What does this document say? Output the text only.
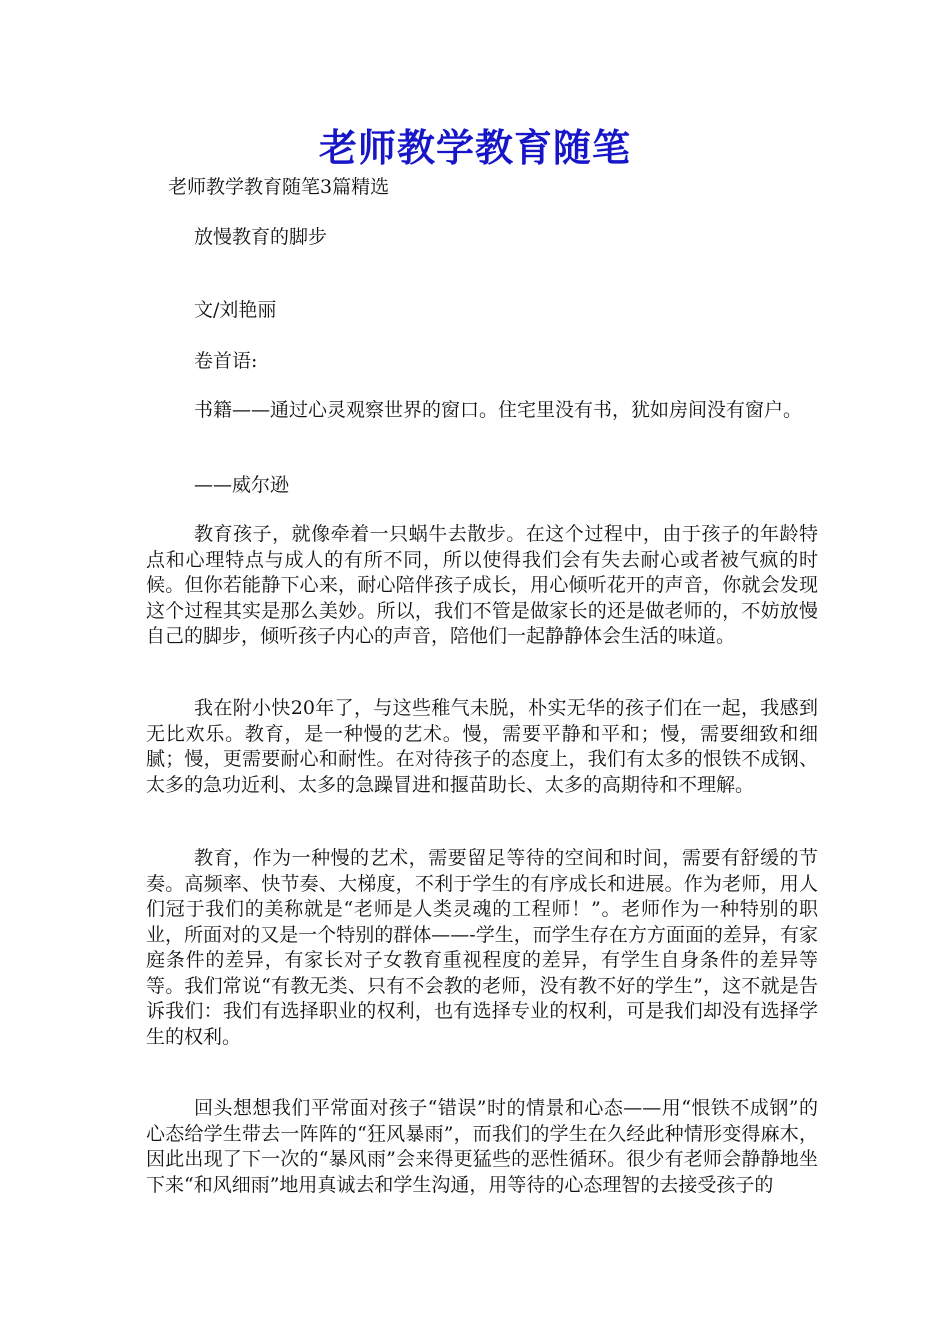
老师教学教育随笔
老师教学教育随笔3篇精选
放慢教育的脚步
文/刘艳丽
卷首语:

书籍——通过心灵观察世界的窗口。住宅里没有书，犹如房间没有窗户。

——威尔逊

教育孩子，就像牵着一只蜗牛去散步。在这个过程中，由于孩子的年龄特点和心理特点与成人的有所不同，所以使得我们会有失去耐心或者被气疯的时候。但你若能静下心来，耐心陪伴孩子成长，用心倾听花开的声音，你就会发现这个过程其实是那么美妙。所以，我们不管是做家长的还是做老师的，不妨放慢自己的脚步，倾听孩子内心的声音，陪他们一起静静体会生活的味道。

我在附小快20年了，与这些稚气未脱，朴实无华的孩子们在一起，我感到无比欢乐。教育，是一种慢的艺术。慢，需要平静和平和；慢，需要细致和细腻；慢，更需要耐心和耐性。在对待孩子的态度上，我们有太多的恨铁不成钢、太多的急功近利、太多的急躁冒进和揠苗助长、太多的高期待和不理解。

教育，作为一种慢的艺术，需要留足等待的空间和时间，需要有舒缓的节奏。高频率、快节奏、大梯度，不利于学生的有序成长和进展。作为老师，用人们冠于我们的美称就是“老师是人类灵魂的工程师！”。老师作为一种特别的职业，所面对的又是一个特别的群体——-学生，而学生存在方方面面的差异，有家庭条件的差异，有家长对子女教育重视程度的差异，有学生自身条件的差异等等。我们常说“有教无类、只有不会教的老师，没有教不好的学生”，这不就是告诉我们：我们有选择职业的权利，也有选择专业的权利，可是我们却没有选择学生的权利。

回头想想我们平常面对孩子“错误”时的情景和心态——用“恨铁不成钢”的心态给学生带去一阵阵的“狂风暴雨”，而我们的学生在久经此种情形变得麻木，因此出现了下一次的“暴风雨”会来得更猛些的恶性循环。很少有老师会静静地坐下来“和风细雨”地用真诚去和学生沟通，用等待的心态理智的去接受孩子的
